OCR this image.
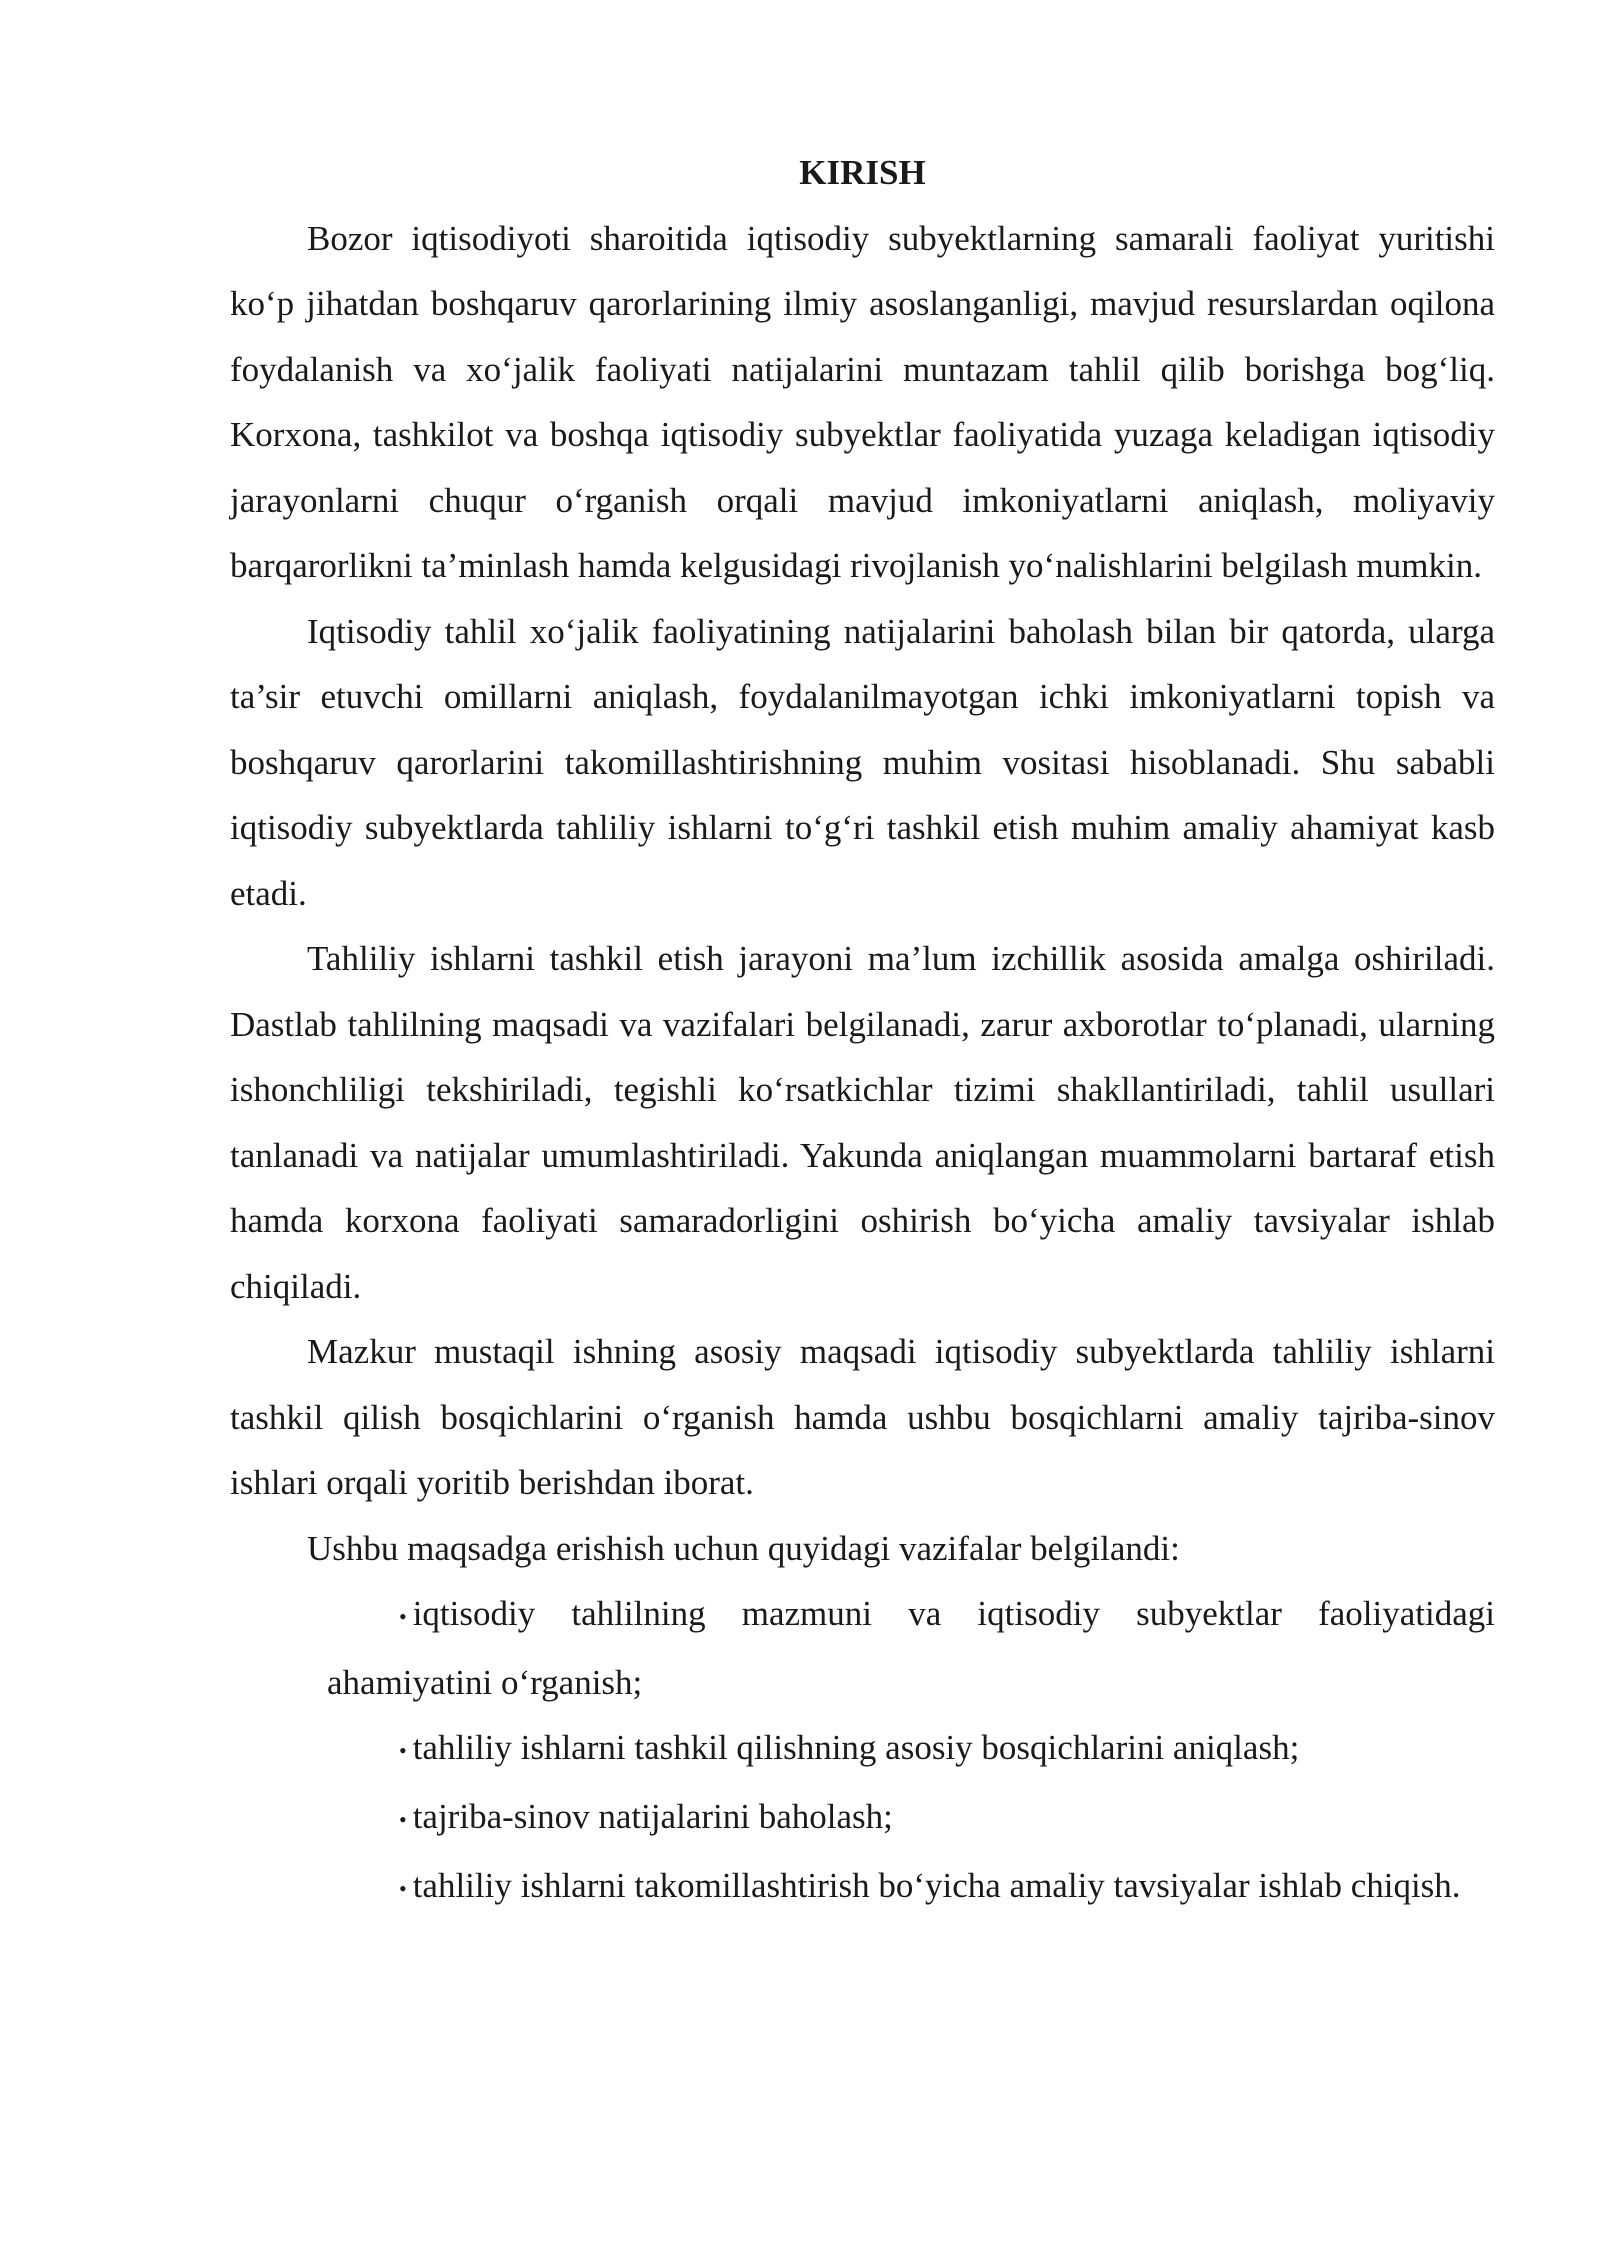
KIRISH

Bozor iqtisodiyoti sharoitida iqtisodiy subyektlarning samarali faoliyat yuritishi ko‘p jihatdan boshqaruv qarorlarining ilmiy asoslanganligi, mavjud resurslardan oqilona foydalanish va xo‘jalik faoliyati natijalarini muntazam tahlil qilib borishga bog‘liq. Korxona, tashkilot va boshqa iqtisodiy subyektlar faoliyatida yuzaga keladigan iqtisodiy jarayonlarni chuqur o‘rganish orqali mavjud imkoniyatlarni aniqlash, moliyaviy barqarorlikni ta’minlash hamda kelgusidagi rivojlanish yo‘nalishlarini belgilash mumkin.

Iqtisodiy tahlil xo‘jalik faoliyatining natijalarini baholash bilan bir qatorda, ularga ta’sir etuvchi omillarni aniqlash, foydalanilmayotgan ichki imkoniyatlarni topish va boshqaruv qarorlarini takomillashtirishning muhim vositasi hisoblanadi. Shu sababli iqtisodiy subyektlarda tahliliy ishlarni to‘g‘ri tashkil etish muhim amaliy ahamiyat kasb etadi.

Tahliliy ishlarni tashkil etish jarayoni ma’lum izchillik asosida amalga oshiriladi. Dastlab tahlilning maqsadi va vazifalari belgilanadi, zarur axborotlar to‘planadi, ularning ishonchliligi tekshiriladi, tegishli ko‘rsatkichlar tizimi shakllantiriladi, tahlil usullari tanlanadi va natijalar umumlashtiriladi. Yakunda aniqlangan muammolarni bartaraf etish hamda korxona faoliyati samaradorligini oshirish bo‘yicha amaliy tavsiyalar ishlab chiqiladi.

Mazkur mustaqil ishning asosiy maqsadi iqtisodiy subyektlarda tahliliy ishlarni tashkil qilish bosqichlarini o‘rganish hamda ushbu bosqichlarni amaliy tajriba-sinov ishlari orqali yoritib berishdan iborat.

Ushbu maqsadga erishish uchun quyidagi vazifalar belgilandi:

• iqtisodiy tahlilning mazmuni va iqtisodiy subyektlar faoliyatidagi ahamiyatini o‘rganish;
• tahliliy ishlarni tashkil qilishning asosiy bosqichlarini aniqlash;
• tajriba-sinov natijalarini baholash;
• tahliliy ishlarni takomillashtirish bo‘yicha amaliy tavsiyalar ishlab chiqish.
